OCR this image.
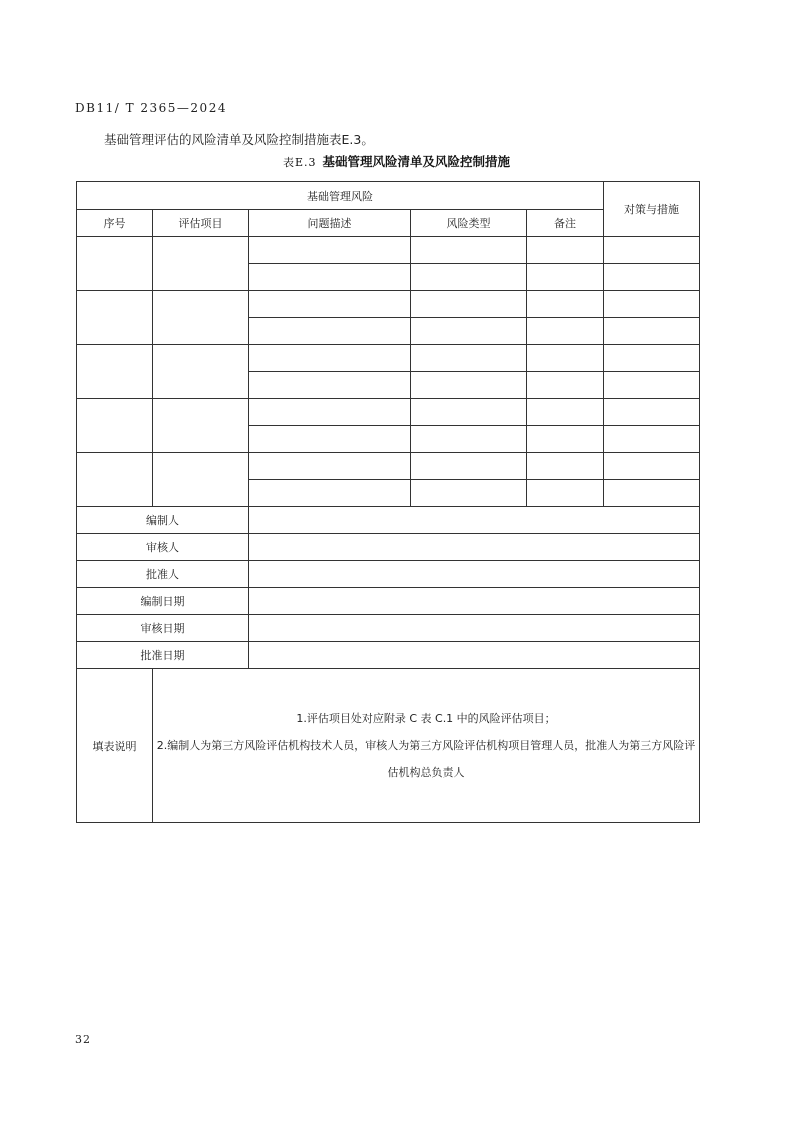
DB11/ T 2365—2024
基础管理评估的风险清单及风险控制措施表E.3。
表E.3 基础管理风险清单及风险控制措施
基础管理风险					对策与措施
序号	评估项目	问题描述	风险类型	备注	

编制人					
审核人					
批准人					
编制日期					
审核日期					
批准日期					
填表说明	1.评估项目处对应附录 C 表 C.1 中的风险评估项目；
2.编制人为第三方风险评估机构技术人员，审核人为第三方风险评估机构项目管理人员，批准人为第三方风险评估机构总负责人				
32
